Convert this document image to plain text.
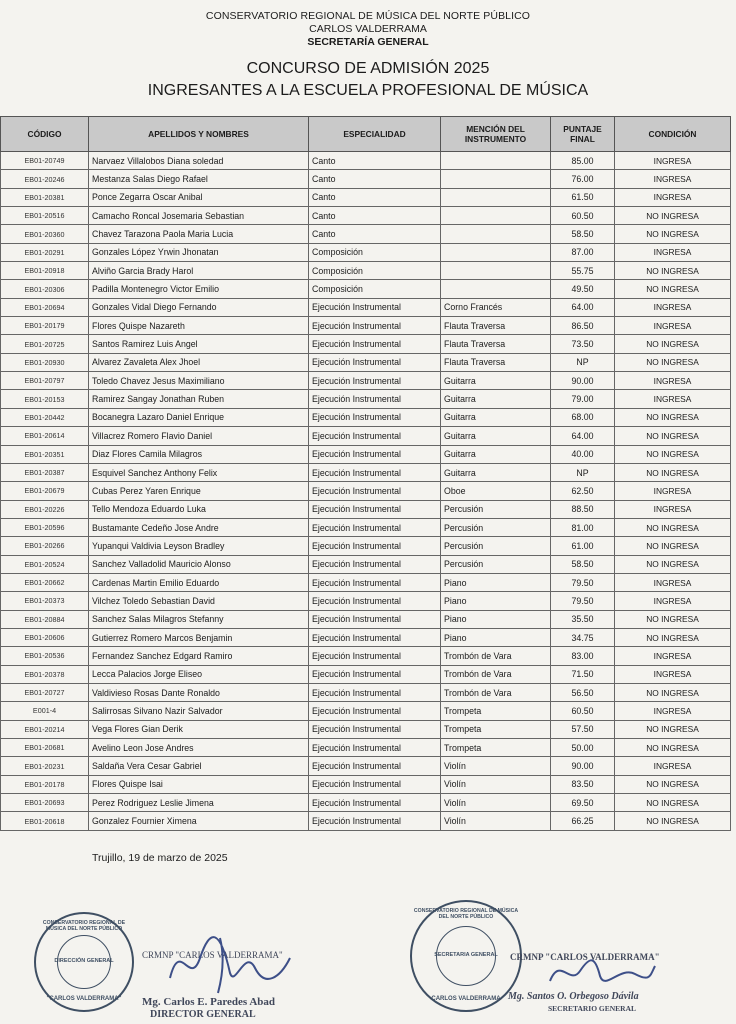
CONSERVATORIO REGIONAL DE MÚSICA DEL NORTE PÚBLICO
CARLOS VALDERRAMA
SECRETARÍA GENERAL
CONCURSO DE ADMISIÓN 2025
INGRESANTES A LA ESCUELA PROFESIONAL DE MÚSICA
CÓDIGO	APELLIDOS Y NOMBRES	ESPECIALIDAD	MENCIÓN DEL INSTRUMENTO	PUNTAJE FINAL	CONDICIÓN
EB01-20749	Narvaez Villalobos Diana soledad	Canto		85.00	INGRESA
EB01-20246	Mestanza Salas Diego Rafael	Canto		76.00	INGRESA
EB01-20381	Ponce Zegarra Oscar Anibal	Canto		61.50	INGRESA
EB01-20516	Camacho Roncal Josemaria Sebastian	Canto		60.50	NO INGRESA
EB01-20360	Chavez Tarazona Paola Maria Lucia	Canto		58.50	NO INGRESA
EB01-20291	Gonzales López Yrwin Jhonatan	Composición		87.00	INGRESA
EB01-20918	Alviño Garcia Brady Harol	Composición		55.75	NO INGRESA
EB01-20306	Padilla Montenegro Victor Emilio	Composición		49.50	NO INGRESA
EB01-20694	Gonzales Vidal Diego Fernando	Ejecución Instrumental	Corno Francés	64.00	INGRESA
EB01-20179	Flores Quispe Nazareth	Ejecución Instrumental	Flauta Traversa	86.50	INGRESA
EB01-20725	Santos Ramirez Luis Angel	Ejecución Instrumental	Flauta Traversa	73.50	NO INGRESA
EB01-20930	Alvarez Zavaleta Alex Jhoel	Ejecución Instrumental	Flauta Traversa	NP	NO INGRESA
EB01-20797	Toledo Chavez Jesus Maximiliano	Ejecución Instrumental	Guitarra	90.00	INGRESA
EB01-20153	Ramirez Sangay Jonathan Ruben	Ejecución Instrumental	Guitarra	79.00	INGRESA
EB01-20442	Bocanegra Lazaro Daniel Enrique	Ejecución Instrumental	Guitarra	68.00	NO INGRESA
EB01-20614	Villacrez Romero Flavio Daniel	Ejecución Instrumental	Guitarra	64.00	NO INGRESA
EB01-20351	Diaz Flores Camila Milagros	Ejecución Instrumental	Guitarra	40.00	NO INGRESA
EB01-20387	Esquivel Sanchez Anthony Felix	Ejecución Instrumental	Guitarra	NP	NO INGRESA
EB01-20679	Cubas Perez Yaren Enrique	Ejecución Instrumental	Oboe	62.50	INGRESA
EB01-20226	Tello Mendoza Eduardo Luka	Ejecución Instrumental	Percusión	88.50	INGRESA
EB01-20596	Bustamante Cedeño Jose Andre	Ejecución Instrumental	Percusión	81.00	NO INGRESA
EB01-20266	Yupanqui Valdivia Leyson Bradley	Ejecución Instrumental	Percusión	61.00	NO INGRESA
EB01-20524	Sanchez Valladolid Mauricio Alonso	Ejecución Instrumental	Percusión	58.50	NO INGRESA
EB01-20662	Cardenas Martin Emilio Eduardo	Ejecución Instrumental	Piano	79.50	INGRESA
EB01-20373	Vilchez Toledo Sebastian David	Ejecución Instrumental	Piano	79.50	INGRESA
EB01-20884	Sanchez Salas Milagros Stefanny	Ejecución Instrumental	Piano	35.50	NO INGRESA
EB01-20606	Gutierrez Romero Marcos Benjamin	Ejecución Instrumental	Piano	34.75	NO INGRESA
EB01-20536	Fernandez Sanchez Edgard Ramiro	Ejecución Instrumental	Trombón de Vara	83.00	INGRESA
EB01-20378	Lecca Palacios Jorge Eliseo	Ejecución Instrumental	Trombón de Vara	71.50	INGRESA
EB01-20727	Valdivieso Rosas Dante Ronaldo	Ejecución Instrumental	Trombón de Vara	56.50	NO INGRESA
E001-4	Salirrosas Silvano Nazir Salvador	Ejecución Instrumental	Trompeta	60.50	INGRESA
EB01-20214	Vega Flores Gian Derik	Ejecución Instrumental	Trompeta	57.50	NO INGRESA
EB01-20681	Avelino Leon Jose Andres	Ejecución Instrumental	Trompeta	50.00	NO INGRESA
EB01-20231	Saldaña Vera Cesar Gabriel	Ejecución Instrumental	Violín	90.00	INGRESA
EB01-20178	Flores Quispe Isai	Ejecución Instrumental	Violín	83.50	NO INGRESA
EB01-20693	Perez Rodriguez Leslie Jimena	Ejecución Instrumental	Violín	69.50	NO INGRESA
EB01-20618	Gonzalez Fournier Ximena	Ejecución Instrumental	Violín	66.25	NO INGRESA
Trujillo, 19 de marzo de 2025
CONSERVATORIO REGIONAL DE MÚSICA DEL NORTE PÚBLICO
DIRECCIÓN GENERAL
"CARLOS VALDERRAMA"
CONSERVATORIO REGIONAL DE MÚSICA DEL NORTE PÚBLICO
SECRETARIA GENERAL
CARLOS VALDERRAMA
CRMNP "CARLOS VALDERRAMA"
Mg. Carlos E. Paredes Abad
DIRECTOR GENERAL
CRMNP "CARLOS VALDERRAMA"
Mg. Santos O. Orbegoso Dávila
SECRETARIO GENERAL
